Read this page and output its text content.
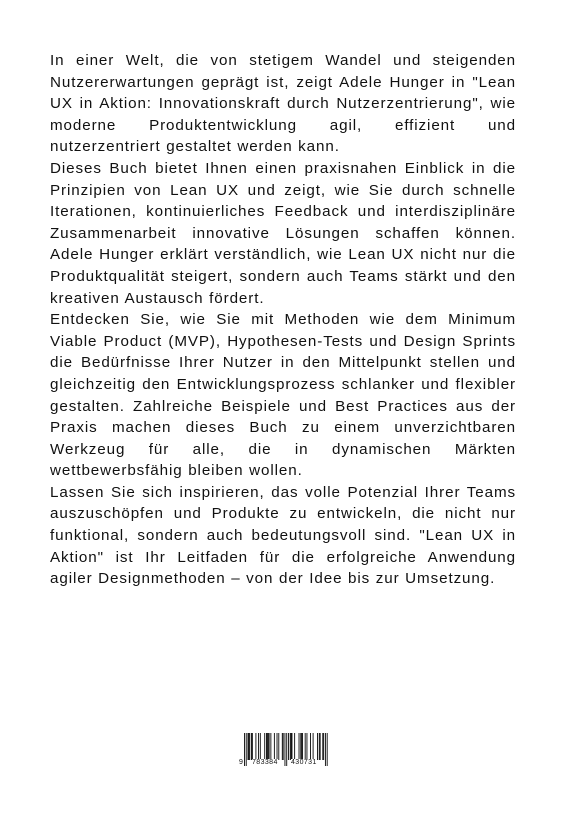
In einer Welt, die von stetigem Wandel und steigenden Nutzererwartungen geprägt ist, zeigt Adele Hunger in "Lean UX in Aktion: Innovationskraft durch Nutzerzentrierung", wie moderne Produktentwicklung agil, effizient und nutzerzentriert gestaltet werden kann.

Dieses Buch bietet Ihnen einen praxisnahen Einblick in die Prinzipien von Lean UX und zeigt, wie Sie durch schnelle Iterationen, kontinuierliches Feedback und interdisziplinäre Zusammenarbeit innovative Lösungen schaffen können. Adele Hunger erklärt verständlich, wie Lean UX nicht nur die Produktqualität steigert, sondern auch Teams stärkt und den kreativen Austausch fördert.

Entdecken Sie, wie Sie mit Methoden wie dem Minimum Viable Product (MVP), Hypothesen-Tests und Design Sprints die Bedürfnisse Ihrer Nutzer in den Mittelpunkt stellen und gleichzeitig den Entwicklungsprozess schlanker und flexibler gestalten. Zahlreiche Beispiele und Best Practices aus der Praxis machen dieses Buch zu einem unverzichtbaren Werkzeug für alle, die in dynamischen Märkten wettbewerbsfähig bleiben wollen.

Lassen Sie sich inspirieren, das volle Potenzial Ihrer Teams auszuschöpfen und Produkte zu entwickeln, die nicht nur funktional, sondern auch bedeutungsvoll sind. "Lean UX in Aktion" ist Ihr Leitfaden für die erfolgreiche Anwendung agiler Designmethoden – von der Idee bis zur Umsetzung.

9 783384 430731
